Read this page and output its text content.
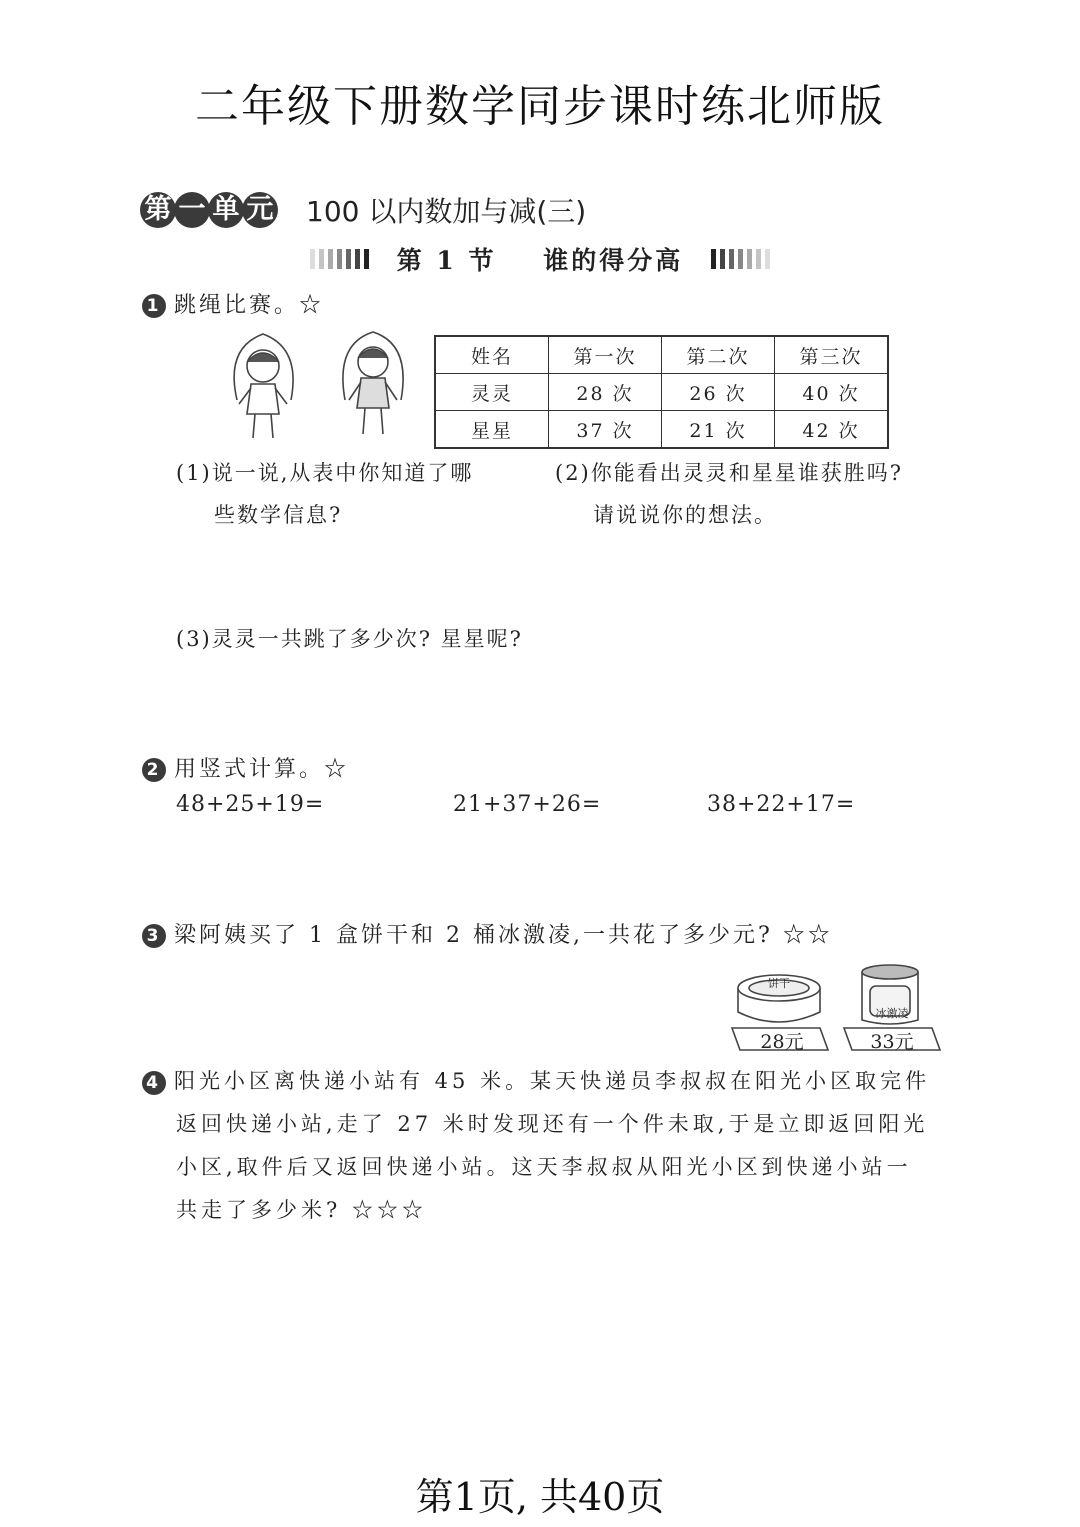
二年级下册数学同步课时练北师版
第 一 单 元 100 以内数加与减(三)
第 1 节    谁的得分高
1 跳绳比赛。☆
姓名	第一次	第二次	第三次
灵灵	28 次	26 次	40 次
星星	37 次	21 次	42 次
(1)说一说,从表中你知道了哪
些数学信息?
(2)你能看出灵灵和星星谁获胜吗?
请说说你的想法。
(3)灵灵一共跳了多少次? 星星呢?
2 用竖式计算。☆
48+25+19=	21+37+26=	38+22+17=
3 梁阿姨买了 1 盒饼干和 2 桶冰激凌,一共花了多少元? ☆☆
饼干
28元
冰激凌
33元
4 阳光小区离快递小站有 45 米。某天快递员李叔叔在阳光小区取完件
返回快递小站,走了 27 米时发现还有一个件未取,于是立即返回阳光
小区,取件后又返回快递小站。这天李叔叔从阳光小区到快递小站一
共走了多少米? ☆☆☆
第1页, 共40页
